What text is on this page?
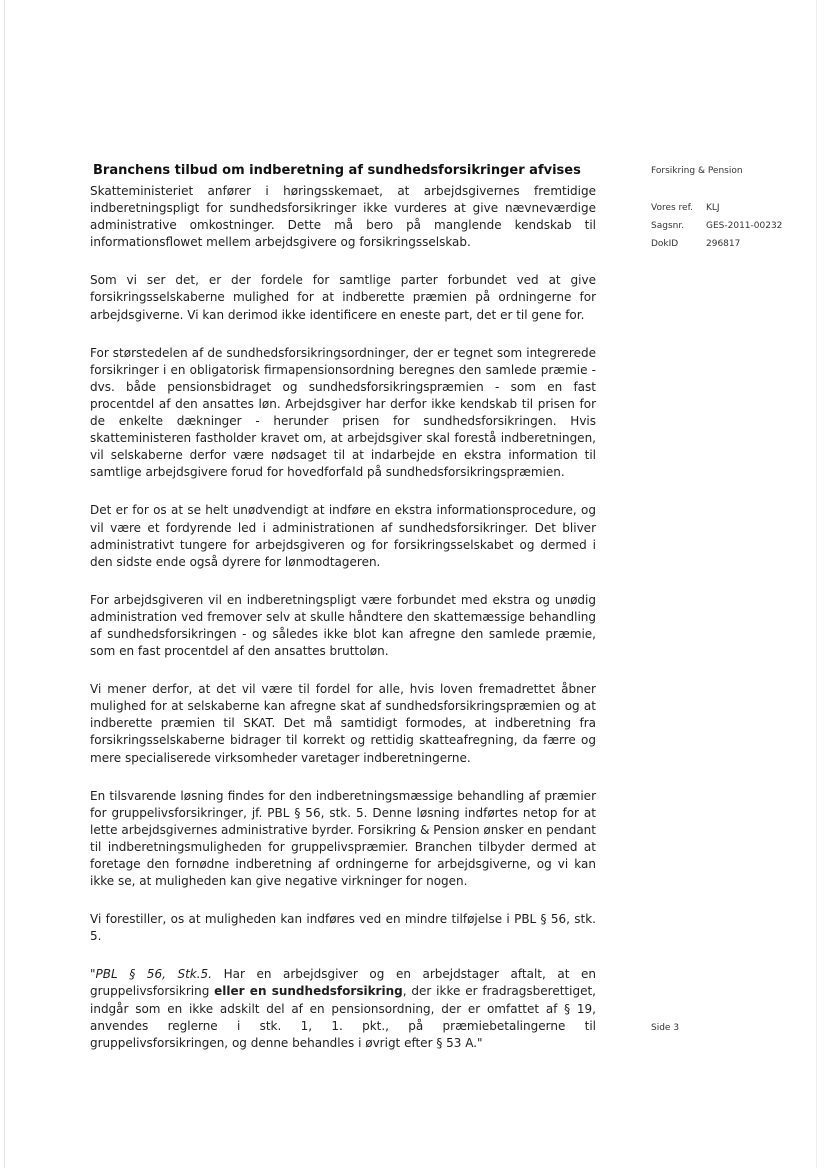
Branchens tilbud om indberetning af sundhedsforsikringer afvises

Skatteministeriet anfører i høringsskemaet, at arbejdsgivernes fremtidige indberetningspligt for sundhedsforsikringer ikke vurderes at give nævneværdige administrative omkostninger. Dette må bero på manglende kendskab til informationsflowet mellem arbejdsgivere og forsikringsselskab.

Som vi ser det, er der fordele for samtlige parter forbundet ved at give forsikringsselskaberne mulighed for at indberette præmien på ordningerne for arbejdsgiverne. Vi kan derimod ikke identificere en eneste part, det er til gene for.

For størstedelen af de sundhedsforsikringsordninger, der er tegnet som integrerede forsikringer i en obligatorisk firmapensionsordning beregnes den samlede præmie - dvs. både pensionsbidraget og sundhedsforsikringspræmien - som en fast procentdel af den ansattes løn. Arbejdsgiver har derfor ikke kendskab til prisen for de enkelte dækninger - herunder prisen for sundhedsforsikringen. Hvis skatteministeren fastholder kravet om, at arbejdsgiver skal forestå indberetningen, vil selskaberne derfor være nødsaget til at indarbejde en ekstra information til samtlige arbejdsgivere forud for hovedforfald på sundhedsforsikringspræmien.

Det er for os at se helt unødvendigt at indføre en ekstra informationsprocedure, og vil være et fordyrende led i administrationen af sundhedsforsikringer. Det bliver administrativt tungere for arbejdsgiveren og for forsikringsselskabet og dermed i den sidste ende også dyrere for lønmodtageren.

For arbejdsgiveren vil en indberetningspligt være forbundet med ekstra og unødig administration ved fremover selv at skulle håndtere den skattemæssige behandling af sundhedsforsikringen - og således ikke blot kan afregne den samlede præmie, som en fast procentdel af den ansattes bruttoløn.

Vi mener derfor, at det vil være til fordel for alle, hvis loven fremadrettet åbner mulighed for at selskaberne kan afregne skat af sundhedsforsikringspræmien og at indberette præmien til SKAT. Det må samtidigt formodes, at indberetning fra forsikringsselskaberne bidrager til korrekt og rettidig skatteafregning, da færre og mere specialiserede virksomheder varetager indberetningerne.

En tilsvarende løsning findes for den indberetningsmæssige behandling af præmier for gruppelivsforsikringer, jf. PBL § 56, stk. 5. Denne løsning indførtes netop for at lette arbejdsgivernes administrative byrder. Forsikring & Pension ønsker en pendant til indberetningsmuligheden for gruppelivspræmier. Branchen tilbyder dermed at foretage den fornødne indberetning af ordningerne for arbejdsgiverne, og vi kan ikke se, at muligheden kan give negative virkninger for nogen.

Vi forestiller, os at muligheden kan indføres ved en mindre tilføjelse i PBL § 56, stk. 5.

"PBL § 56, Stk.5. Har en arbejdsgiver og en arbejdstager aftalt, at en gruppelivsforsikring eller en sundhedsforsikring, der ikke er fradragsberettiget, indgår som en ikke adskilt del af en pensionsordning, der er omfattet af § 19, anvendes reglerne i stk. 1, 1. pkt., på præmiebetalingerne til gruppelivsforsikringen, og denne behandles i øvrigt efter § 53 A."

Forsikring & Pension
Vores ref.	KLJ
Sagsnr.	GES-2011-00232
DokID	296817
Side 3
